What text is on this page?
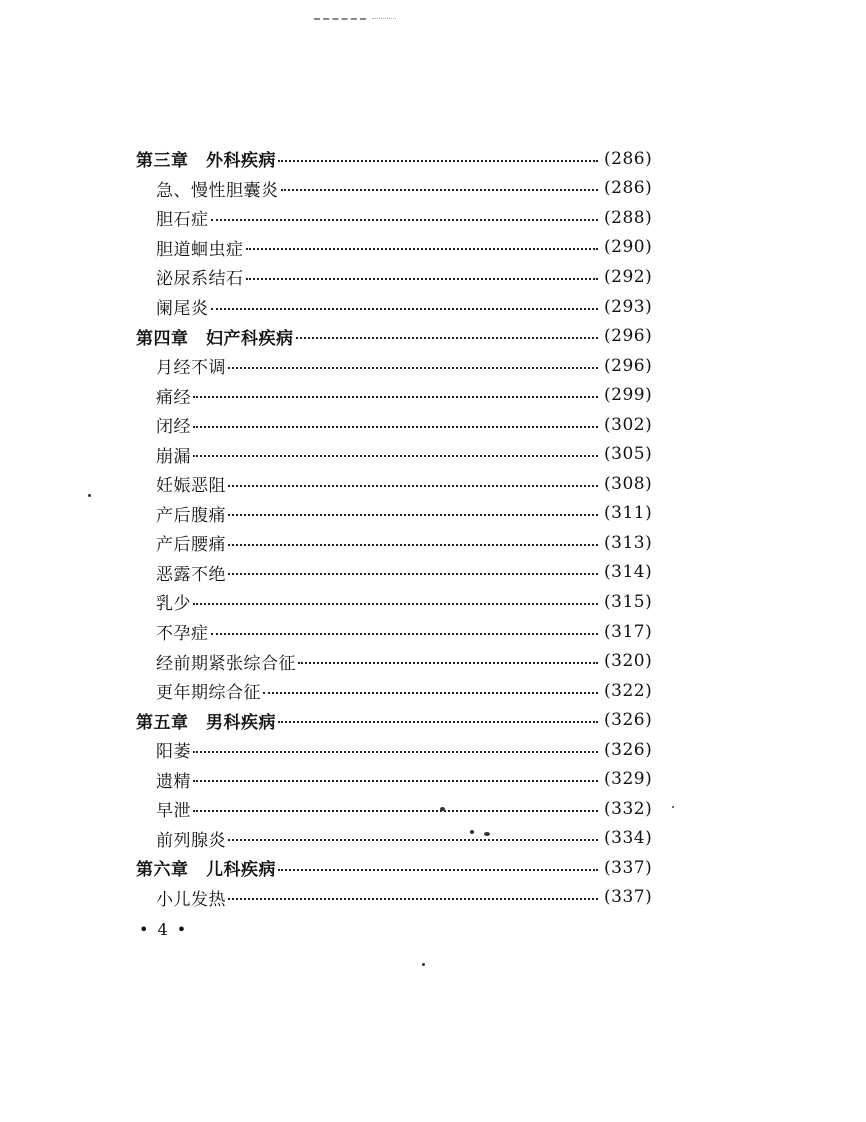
第三章　 外科疾病	(286)
急、慢性胆囊炎	(286)
胆石症	(288)
胆道蛔虫症	(290)
泌尿系结石	(292)
阑尾炎	(293)
第四章　 妇产科疾病	(296)
月经不调	(296)
痛经	(299)
闭经	(302)
崩漏	(305)
妊娠恶阻	(308)
产后腹痛	(311)
产后腰痛	(313)
恶露不绝	(314)
乳少	(315)
不孕症	(317)
经前期紧张综合征	(320)
更年期综合征	(322)
第五章　 男科疾病	(326)
阳萎	(326)
遗精	(329)
早泄	(332)
前列腺炎	(334)
第六章　 儿科疾病	(337)
小儿发热	(337)
• 4 •
